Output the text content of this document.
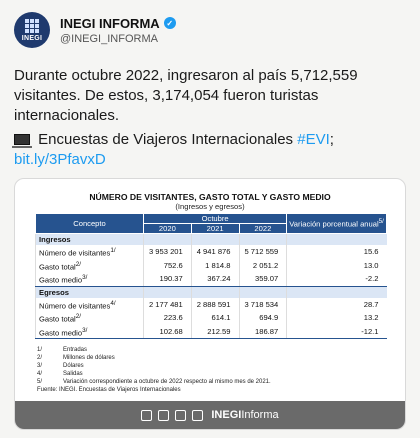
INEGI
INEGI INFORMA ✓
@INEGI_INFORMA
Durante octubre 2022, ingresaron al país 5,712,559 visitantes. De estos, 3,174,054 fueron turistas internacionales.
Encuestas de Viajeros Internacionales #EVI; bit.ly/3PfavxD
NÚMERO DE VISITANTES, GASTO TOTAL Y GASTO MEDIO
(Ingresos y egresos)
Concepto	Octubre			Variación porcentual anual$^{5/}$
	2020	2021	2022	
Ingresos				
Número de visitantes$^{1/}$	3 953 201	4 941 876	5 712 559	15.6
Gasto total$^{2/}$	752.6	1 814.8	2 051.2	13.0
Gasto medio$^{3/}$	190.37	367.24	359.07	-2.2
Egresos				
Número de visitantes$^{4/}$	2 177 481	2 888 591	3 718 534	28.7
Gasto total$^{2/}$	223.6	614.1	694.9	13.2
Gasto medio$^{3/}$	102.68	212.59	186.87	-12.1
1/	Entradas
2/	Millones de dólares
3/	Dólares
4/	Salidas
5/	Variación correspondiente a octubre de 2022 respecto al mismo mes de 2021.
Fuente: INEGI. Encuestas de Viajeros Internacionales
INEGIInforma
